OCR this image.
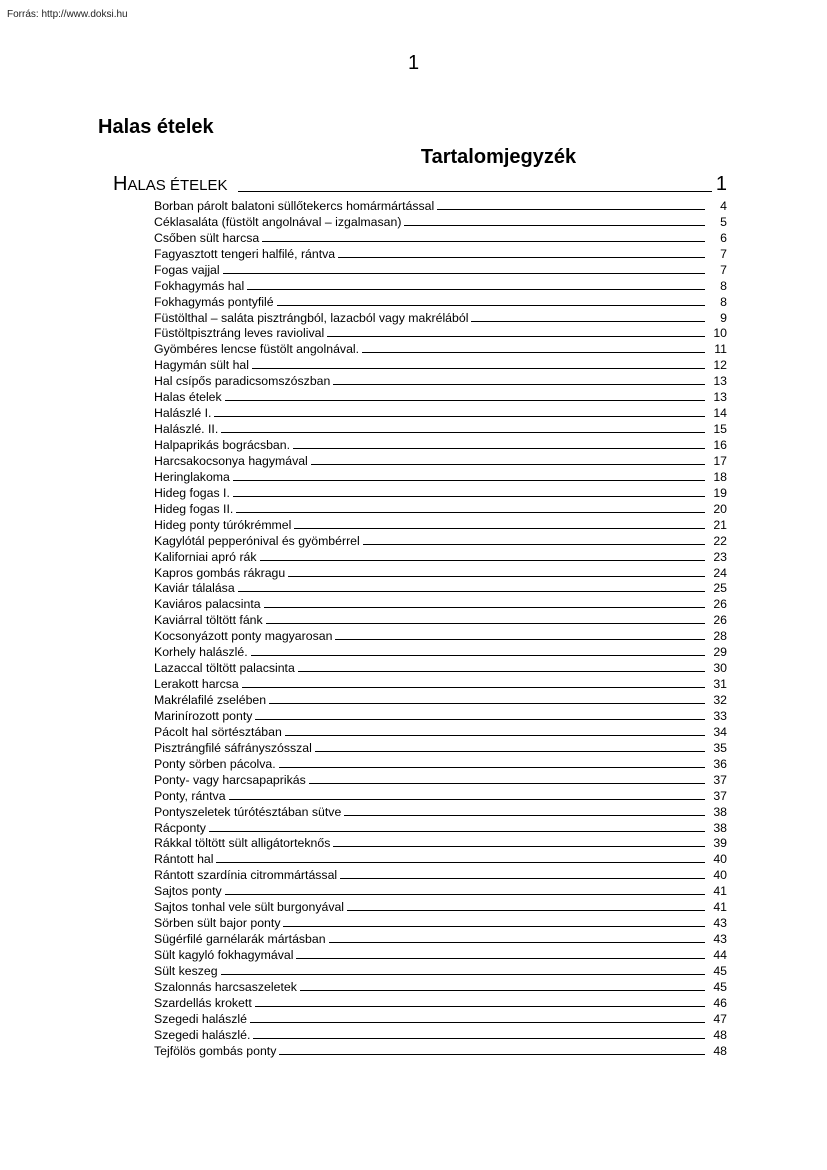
Forrás: http://www.doksi.hu
1
Halas ételek
Tartalomjegyzék
HALAS ÉTELEK	1
Borban párolt balatoni süllőtekercs homármártással	4
Céklasaláta (füstölt angolnával – izgalmasan)	5
Csőben sült harcsa	6
Fagyasztott tengeri halfilé, rántva	7
Fogas vajjal	7
Fokhagymás hal	8
Fokhagymás pontyfilé	8
Füstölthal – saláta pisztrángból, lazacból vagy makrélából	9
Füstöltpisztráng leves raviolival	10
Gyömbéres lencse füstölt angolnával.	11
Hagymán sült hal	12
Hal csípős paradicsomszószban	13
Halas ételek	13
Halászlé I.	14
Halászlé. II.	15
Halpaprikás bográcsban.	16
Harcsakocsonya hagymával	17
Heringlakoma	18
Hideg fogas I.	19
Hideg fogas II.	20
Hideg ponty túrókrémmel	21
Kagylótál pepperónival és gyömbérrel	22
Kaliforniai apró rák	23
Kapros gombás rákragu	24
Kaviár tálalása	25
Kaviáros palacsinta	26
Kaviárral töltött fánk	26
Kocsonyázott ponty magyarosan	28
Korhely halászlé.	29
Lazaccal töltött palacsinta	30
Lerakott harcsa	31
Makrélafilé zselében	32
Marinírozott ponty	33
Pácolt hal sörtésztában	34
Pisztrángfilé sáfrányszósszal	35
Ponty sörben pácolva.	36
Ponty- vagy harcsapaprikás	37
Ponty, rántva	37
Pontyszeletek túrótésztában sütve	38
Rácponty	38
Rákkal töltött sült alligátorteknős	39
Rántott hal	40
Rántott szardínia citrommártással	40
Sajtos ponty	41
Sajtos tonhal vele sült burgonyával	41
Sörben sült bajor ponty	43
Sügérfilé garnélarák mártásban	43
Sült kagyló fokhagymával	44
Sült keszeg	45
Szalonnás harcsaszeletek	45
Szardellás krokett	46
Szegedi halászlé	47
Szegedi halászlé.	48
Tejfölös gombás ponty	48
